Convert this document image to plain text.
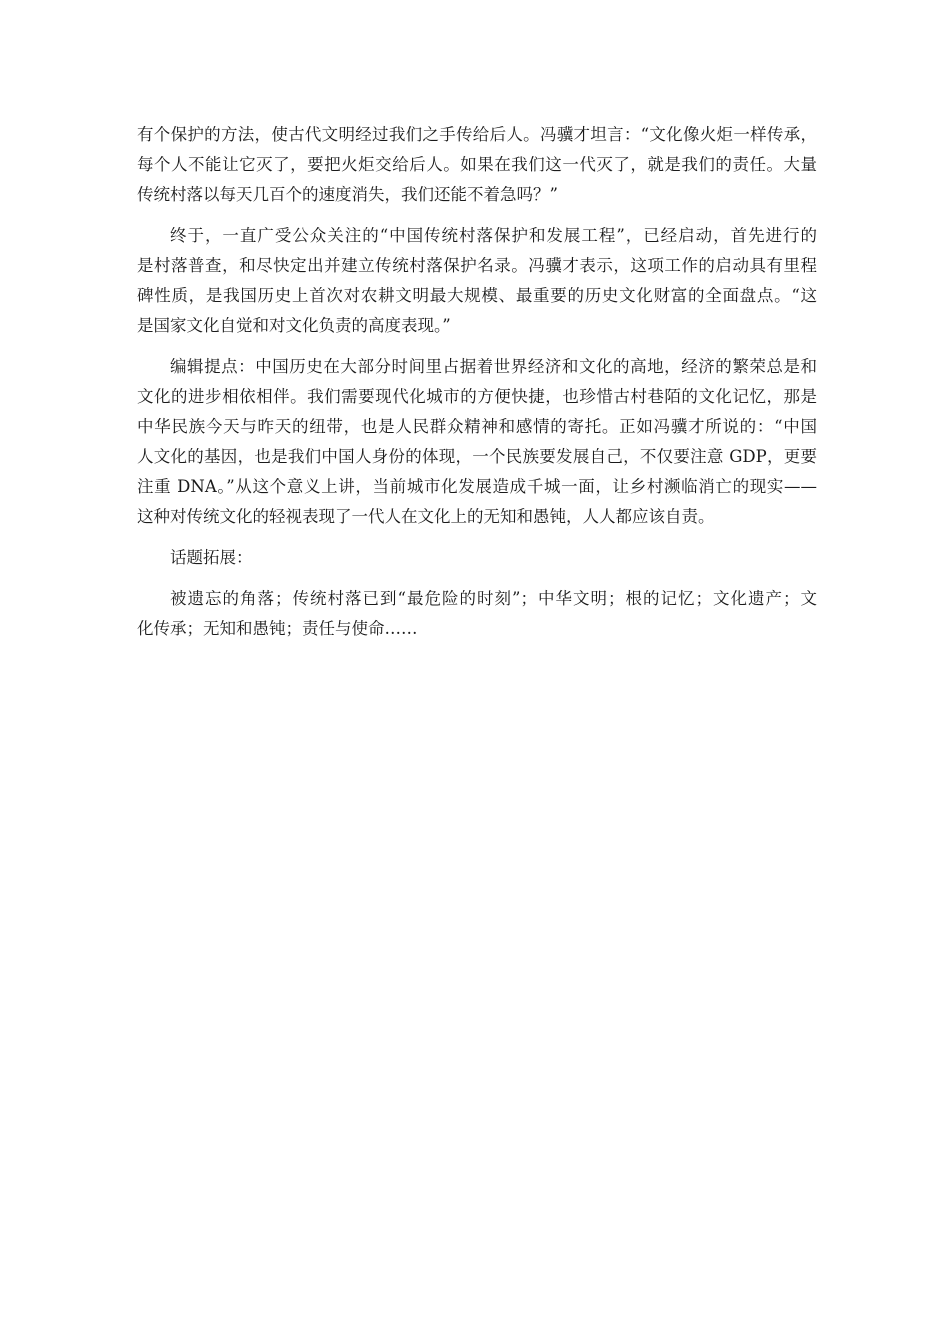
有个保护的方法，使古代文明经过我们之手传给后人。冯骥才坦言：“文化像火炬一样传承，
每个人不能让它灭了，要把火炬交给后人。如果在我们这一代灭了，就是我们的责任。大量
传统村落以每天几百个的速度消失，我们还能不着急吗？”
终于，一直广受公众关注的“中国传统村落保护和发展工程”，已经启动，首先进行的
是村落普查，和尽快定出并建立传统村落保护名录。冯骥才表示，这项工作的启动具有里程
碑性质，是我国历史上首次对农耕文明最大规模、最重要的历史文化财富的全面盘点。“这
是国家文化自觉和对文化负责的高度表现。”
编辑提点：中国历史在大部分时间里占据着世界经济和文化的高地，经济的繁荣总是和
文化的进步相依相伴。我们需要现代化城市的方便快捷，也珍惜古村巷陌的文化记忆，那是
中华民族今天与昨天的纽带，也是人民群众精神和感情的寄托。正如冯骥才所说的：“中国
人文化的基因，也是我们中国人身份的体现，一个民族要发展自己，不仅要注意 GDP，更要
注重 DNA。”从这个意义上讲，当前城市化发展造成千城一面，让乡村濒临消亡的现实——
这种对传统文化的轻视表现了一代人在文化上的无知和愚钝，人人都应该自责。
话题拓展：
被遗忘的角落；传统村落已到“最危险的时刻”；中华文明；根的记忆；文化遗产；文
化传承；无知和愚钝；责任与使命……
